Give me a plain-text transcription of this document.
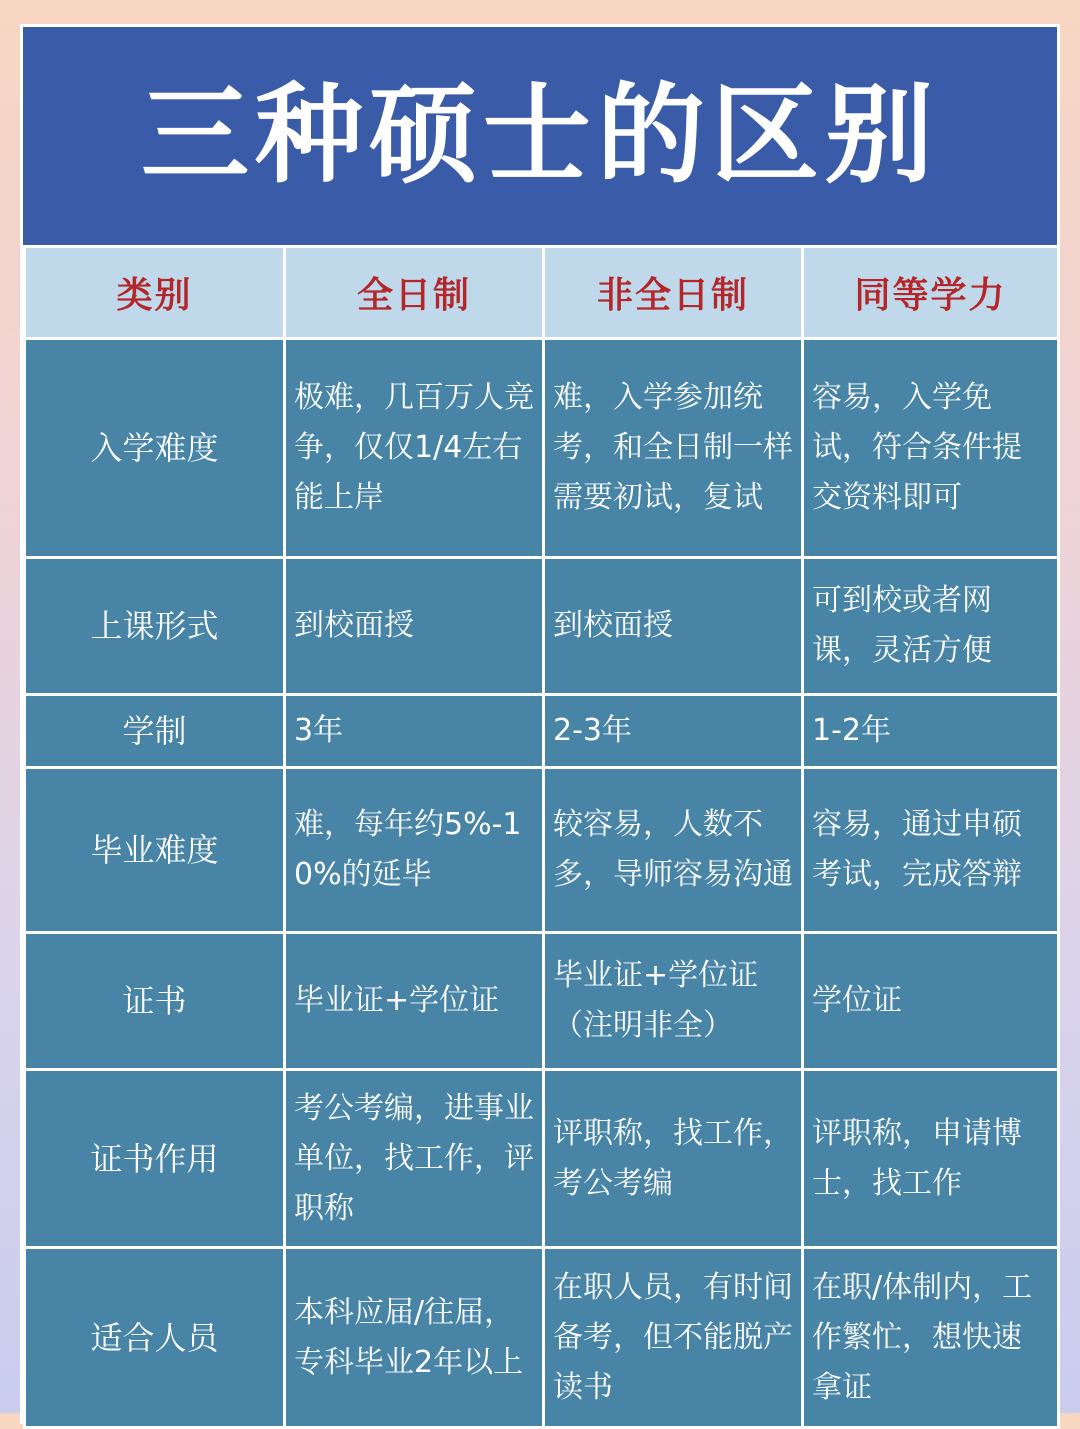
三种硕士的区别
类别	全日制	非全日制	同等学力
入学难度	极难，几百万人竞争，仅仅1/4左右能上岸	难，入学参加统考，和全日制一样需要初试，复试	容易，入学免试，符合条件提交资料即可
上课形式	到校面授	到校面授	可到校或者网课，灵活方便
学制	3年	2-3年	1-2年
毕业难度	难，每年约5%-10%的延毕	较容易，人数不多，导师容易沟通	容易，通过申硕考试，完成答辩
证书	毕业证+学位证	毕业证+学位证（注明非全）	学位证
证书作用	考公考编，进事业单位，找工作，评职称	评职称，找工作，考公考编	评职称，申请博士，找工作
适合人员	本科应届/往届，专科毕业2年以上	在职人员，有时间备考，但不能脱产读书	在职/体制内，工作繁忙，想快速拿证
